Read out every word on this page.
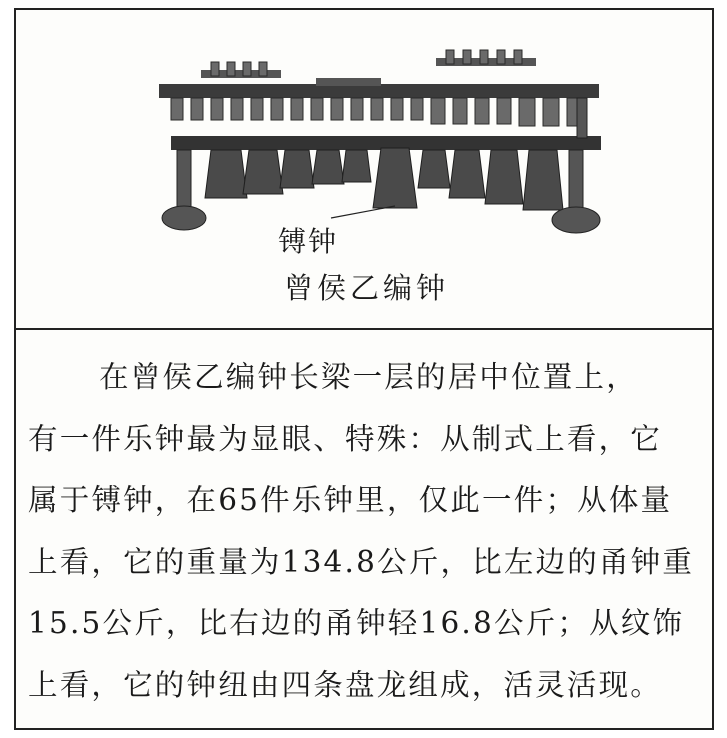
镈钟
曾侯乙编钟
在曾侯乙编钟长梁一层的居中位置上，
有一件乐钟最为显眼、特殊：从制式上看，它
属于镈钟，在65件乐钟里，仅此一件；从体量
上看，它的重量为134.8公斤，比左边的甬钟重
15.5公斤，比右边的甬钟轻16.8公斤；从纹饰
上看，它的钟纽由四条盘龙组成，活灵活现。
